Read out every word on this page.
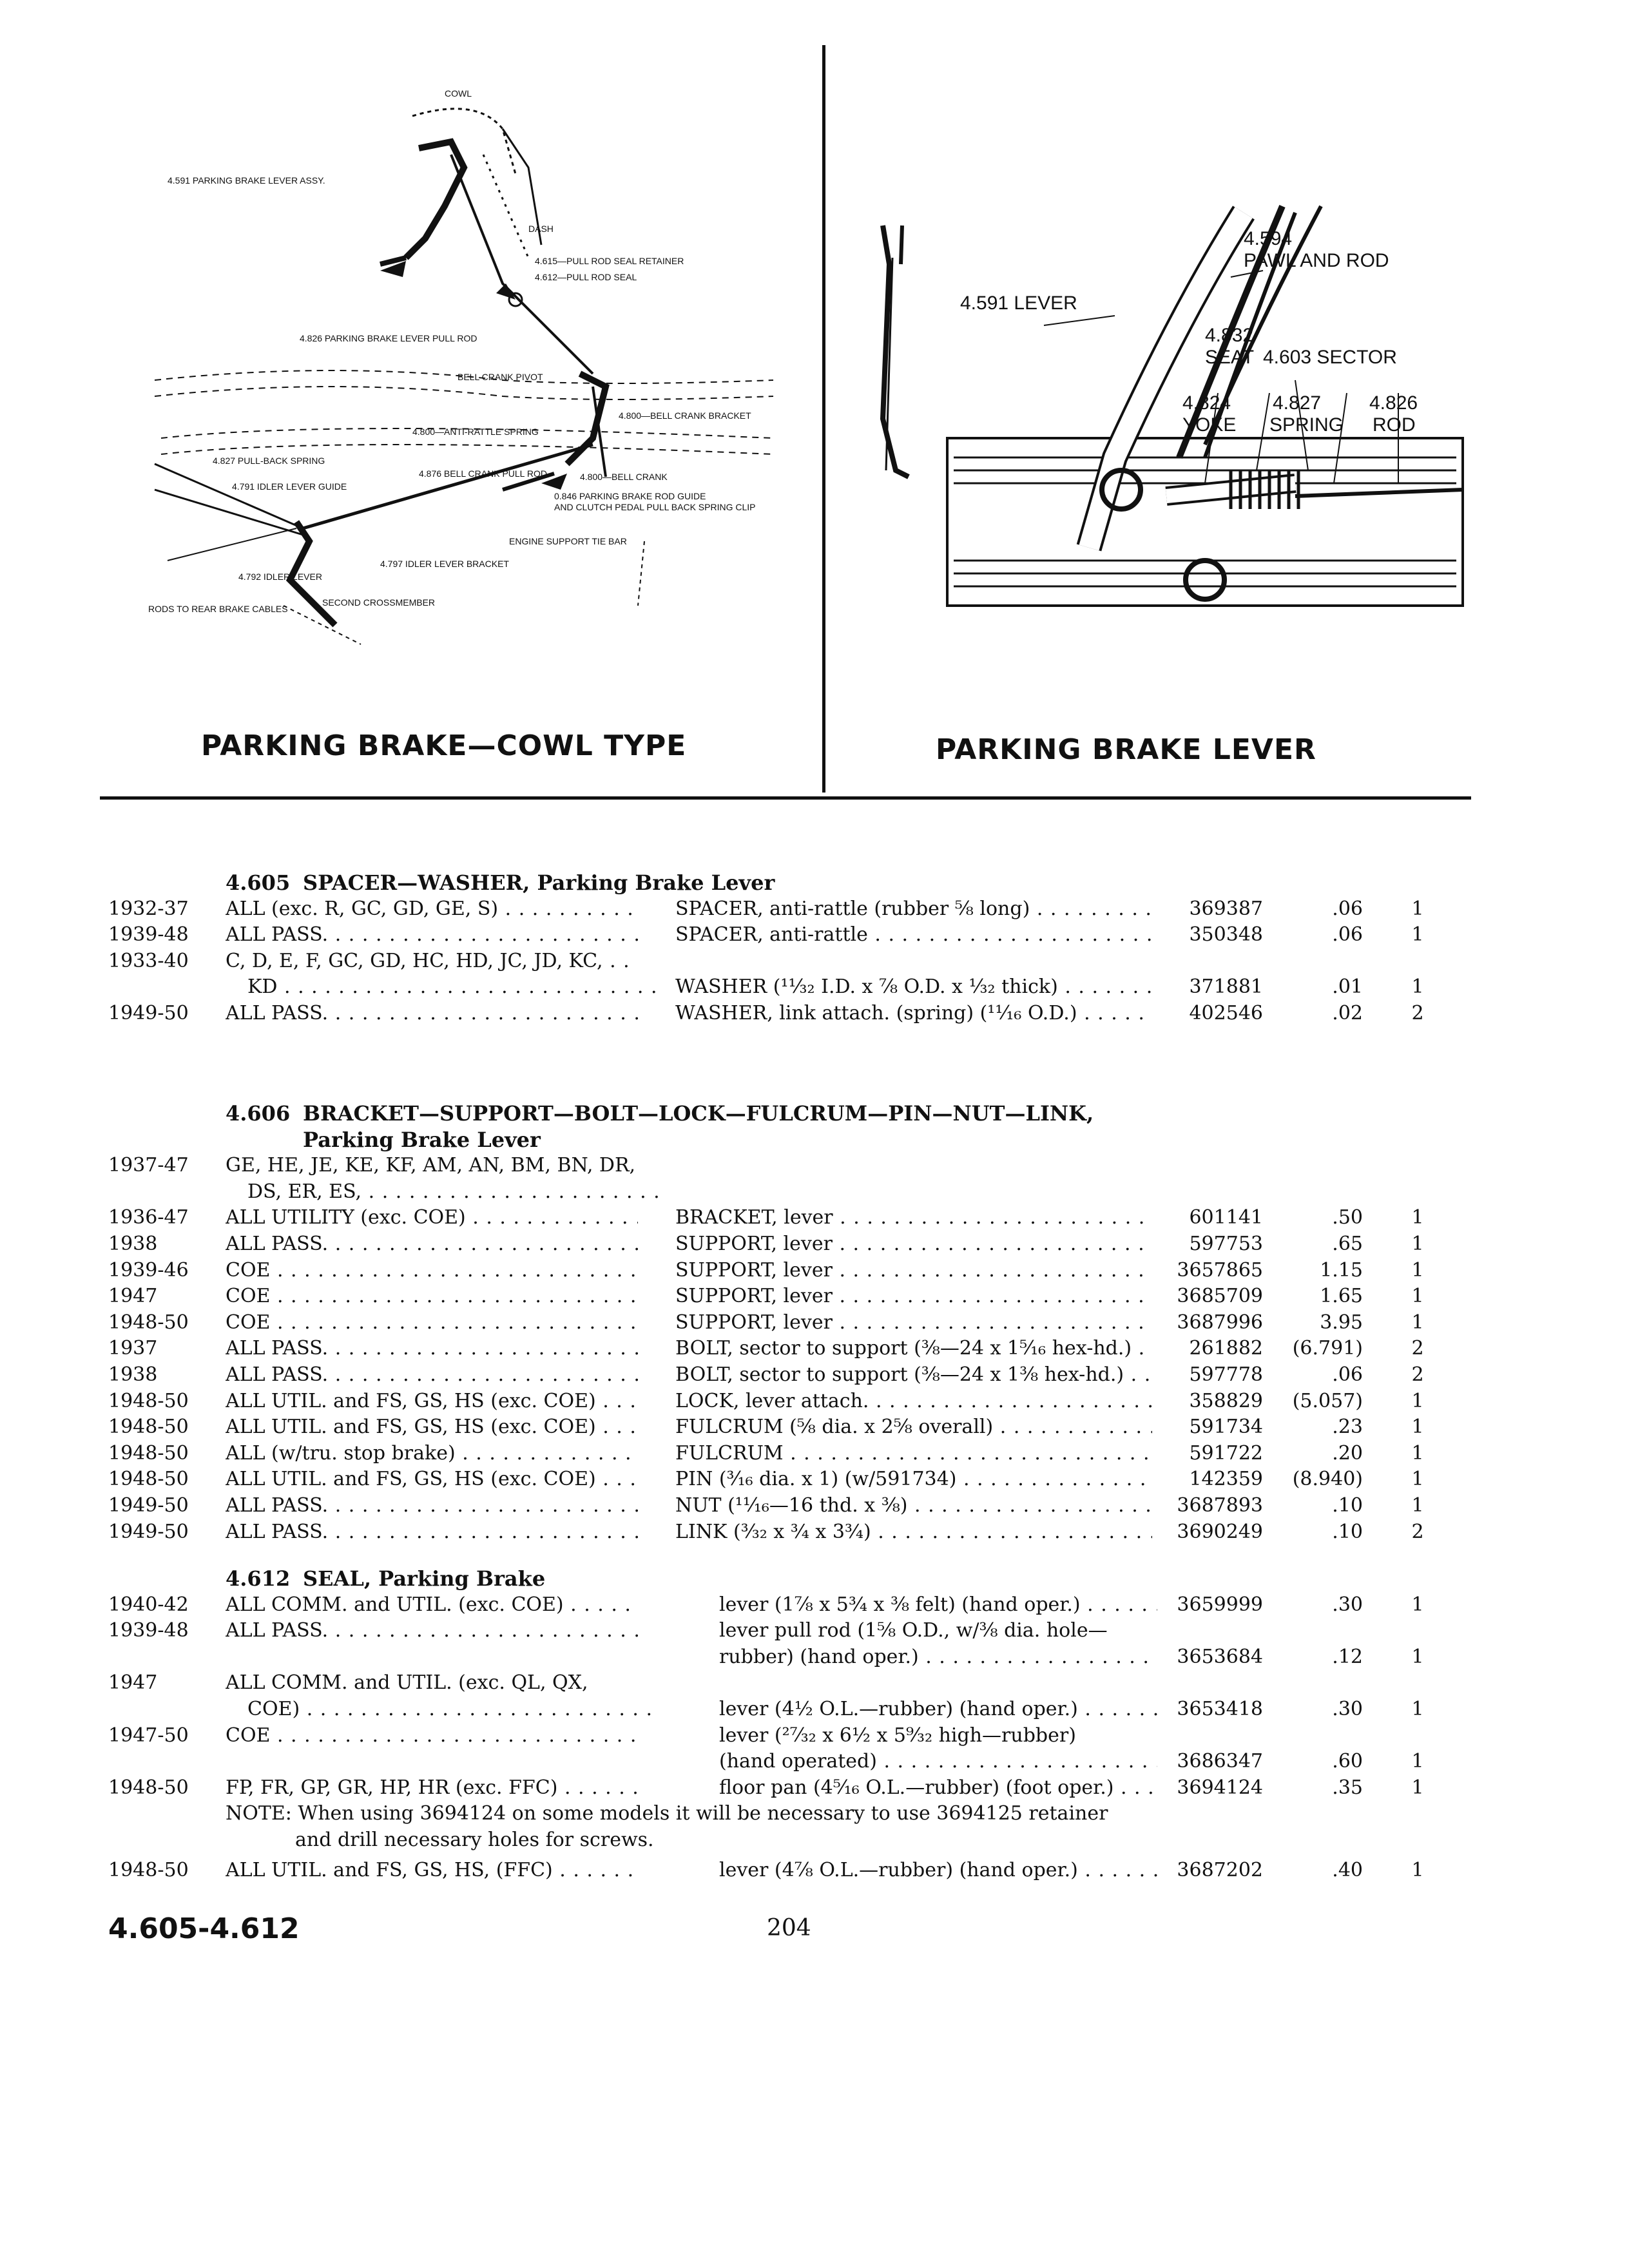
COWL
4.591 PARKING BRAKE LEVER ASSY.
DASH
4.615—PULL ROD SEAL RETAINER
4.612—PULL ROD SEAL
4.826 PARKING BRAKE LEVER PULL ROD
BELL CRANK PIVOT
4.800—BELL CRANK BRACKET
4.800—ANTI-RATTLE SPRING
4.827 PULL-BACK SPRING
4.791 IDLER LEVER GUIDE
4.876 BELL CRANK PULL ROD	4.800—BELL CRANK
0.846 PARKING BRAKE ROD GUIDE
AND CLUTCH PEDAL PULL BACK SPRING CLIP
ENGINE SUPPORT TIE BAR
4.797 IDLER LEVER BRACKET
4.792 IDLER LEVER
RODS TO REAR BRAKE CABLES
SECOND CROSSMEMBER
4.594
PAWL AND ROD
4.591 LEVER
4.832
SEAT 4.603 SECTOR
4.824
YOKE
4.827
SPRING
4.826
ROD
PARKING BRAKE—COWL TYPE	PARKING BRAKE LEVER
4.605 SPACER—WASHER, Parking Brake Lever
1932-37 ALL (exc. R, GC, GD, GE, S) . . .	SPACER, anti-rattle (rubber ⅝ long) . . .	369387	.06	1
1939-48 ALL PASS. . . .	SPACER, anti-rattle . . .	350348	.06	1
1933-40 C, D, E, F, GC, GD, HC, HD, JC, JD, KC, . . .
KD . . .	WASHER (¹¹⁄₃₂ I.D. x ⅞ O.D. x ¹⁄₃₂ thick) . . .	371881	.01	1
1949-50 ALL PASS. . . .	WASHER, link attach. (spring) (¹¹⁄₁₆ O.D.) . . .	402546	.02	2
4.606 BRACKET—SUPPORT—BOLT—LOCK—FULCRUM—PIN—NUT—LINK,
Parking Brake Lever
1937-47 GE, HE, JE, KE, KF, AM, AN, BM, BN, DR, . . .
DS, ER, ES, . . .
1936-47 ALL UTILITY (exc. COE) . . .	BRACKET, lever . . .	601141	.50	1
1938	ALL PASS. . . .	SUPPORT, lever . . .	597753	.65	1
1939-46 COE . . .	SUPPORT, lever . . .	3657865	1.15	1
1947	COE . . .	SUPPORT, lever . . .	3685709	1.65	1
1948-50 COE . . .	SUPPORT, lever . . .	3687996	3.95	1
1937	ALL PASS. . . .	BOLT, sector to support (⅜—24 x 1⁵⁄₁₆ hex-hd.) . . .	261882	(6.791)	2
1938	ALL PASS. . . .	BOLT, sector to support (⅜—24 x 1⅜ hex-hd.) . . .	597778	.06	2
1948-50 ALL UTIL. and FS, GS, HS (exc. COE) . . .	LOCK, lever attach. . . .	358829	(5.057)	1
1948-50 ALL UTIL. and FS, GS, HS (exc. COE) . . .	FULCRUM (⅝ dia. x 2⅝ overall) . . .	591734	.23	1
1948-50 ALL (w/tru. stop brake) . . .	FULCRUM . . .	591722	.20	1
1948-50 ALL UTIL. and FS, GS, HS (exc. COE) . . .	PIN (³⁄₁₆ dia. x 1) (w/591734) . . .	142359	(8.940)	1
1949-50 ALL PASS. . . .	NUT (¹¹⁄₁₆—16 thd. x ⅜) . . .	3687893	.10	1
1949-50 ALL PASS. . . .	LINK (³⁄₃₂ x ¾ x 3¾) . . .	3690249	.10	2
4.612 SEAL, Parking Brake
1940-42 ALL COMM. and UTIL. (exc. COE) . . .	lever (1⅞ x 5¾ x ⅜ felt) (hand oper.) . . .	3659999	.30	1
1939-48 ALL PASS. . . .	lever pull rod (1⅝ O.D., w/⅜ dia. hole—
rubber) (hand oper.) . . .	3653684	.12	1
1947	ALL COMM. and UTIL. (exc. QL, QX,
COE) . . .	lever (4½ O.L.—rubber) (hand oper.) . . .	3653418	.30	1
1947-50 COE . . .	lever (²⁷⁄₃₂ x 6½ x 5⁹⁄₃₂ high—rubber)
(hand operated) . . .	3686347	.60	1
1948-50 FP, FR, GP, GR, HP, HR (exc. FFC) . . .	floor pan (4⁵⁄₁₆ O.L.—rubber) (foot oper.) . . .	3694124	.35	1
NOTE: When using 3694124 on some models it will be necessary to use 3694125 retainer
and drill necessary holes for screws.
1948-50 ALL UTIL. and FS, GS, HS, (FFC) . . .	lever (4⅞ O.L.—rubber) (hand oper.) . . .	3687202	.40	1
4.605-4.612	204
